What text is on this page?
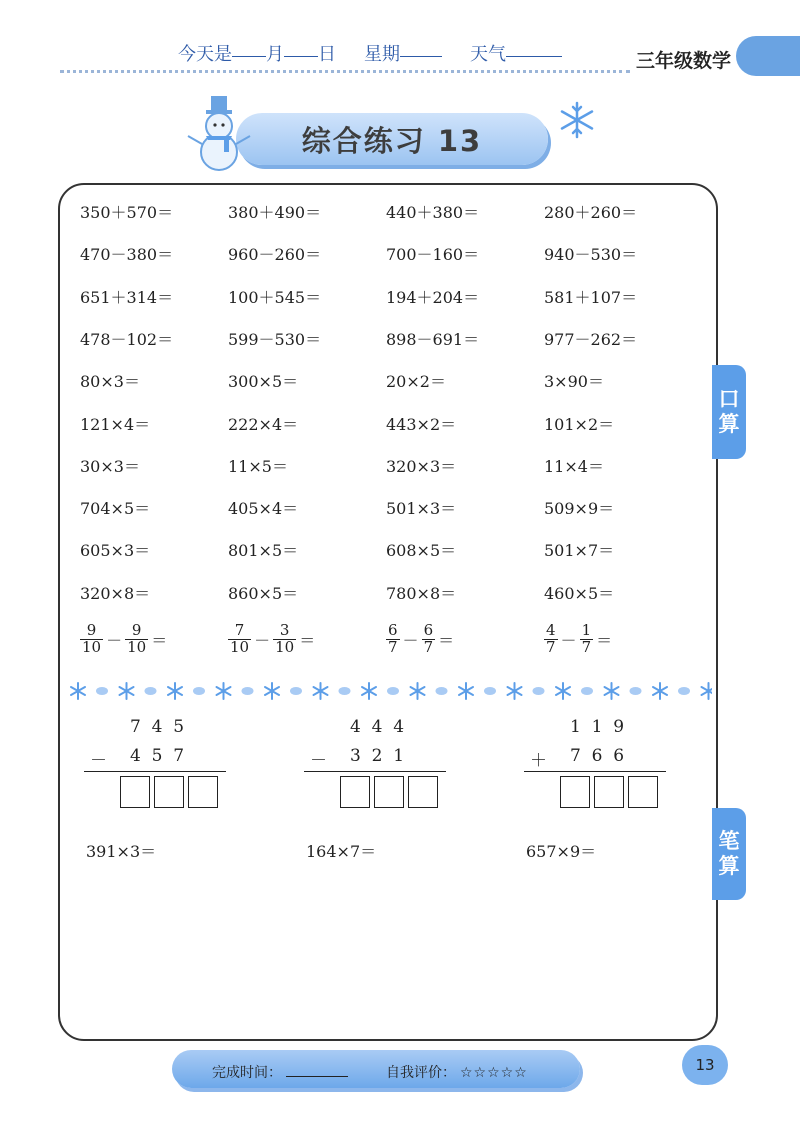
今天是 月 日 星期	天气	三年级数学
综合练习 13
口
算
笔
算
350＋570＝	380＋490＝	440＋380＝	280＋260＝
470－380＝	960－260＝	700－160＝	940－530＝
651＋314＝	100＋545＝	194＋204＝	581＋107＝
478－102＝	599－530＝	898－691＝	977－262＝
80×3＝	300×5＝	20×2＝	3×90＝
121×4＝	222×4＝	443×2＝	101×2＝
30×3＝	11×5＝	320×3＝	11×4＝
704×5＝	405×4＝	501×3＝	509×9＝
605×3＝	801×5＝	608×5＝	501×7＝
320×8＝	860×5＝	780×8＝	460×5＝
$\frac{9}{10} - \frac{9}{10}$ ＝	$\frac{7}{10} - \frac{3}{10}$ ＝	$\frac{6}{7} - \frac{6}{7}$ ＝	$\frac{4}{7} - \frac{1}{7}$ ＝
7  4  5
－ 4  5  7
4  4  4
－ 3  2  1
1  1  9
＋ 7  6  6
391×3＝	164×7＝	657×9＝
完成时间：	自我评价： ☆☆☆☆☆	13
